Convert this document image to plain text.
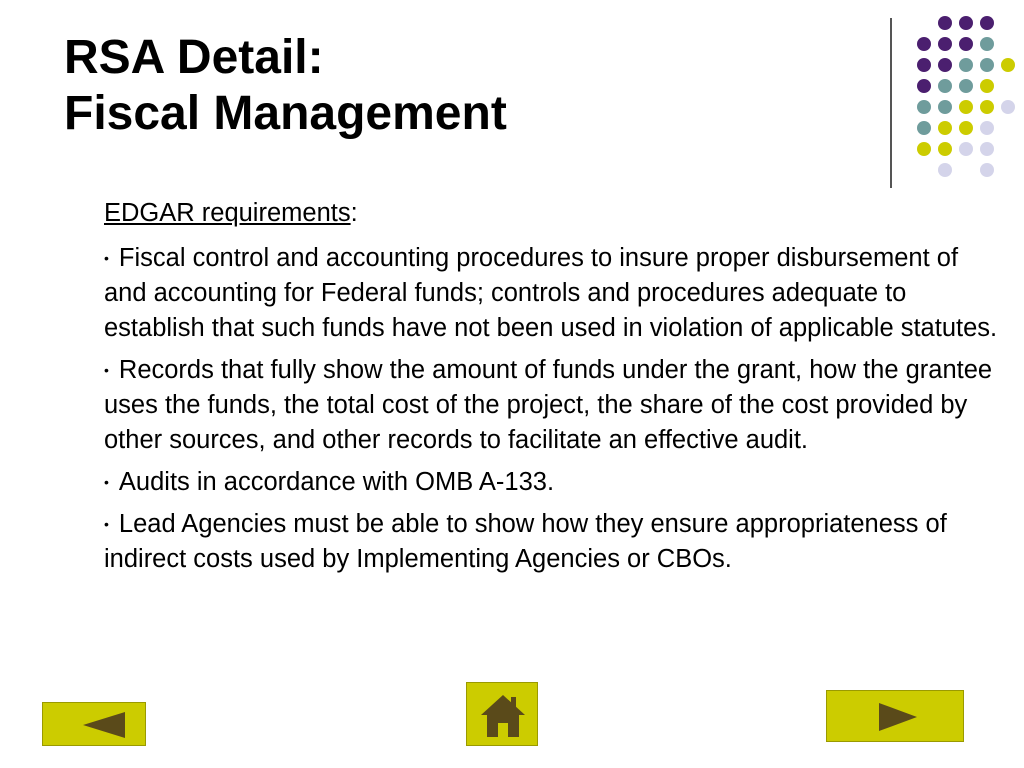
RSA Detail:
Fiscal Management

EDGAR requirements:

• Fiscal control and accounting procedures to insure proper disbursement of and accounting for Federal funds; controls and procedures adequate to establish that such funds have not been used in violation of applicable statutes.

• Records that fully show the amount of funds under the grant, how the grantee uses the funds, the total cost of the project, the share of the cost provided by other sources, and other records to facilitate an effective audit.

• Audits in accordance with OMB A-133.

• Lead Agencies must be able to show how they ensure appropriateness of indirect costs used by Implementing Agencies or CBOs.
